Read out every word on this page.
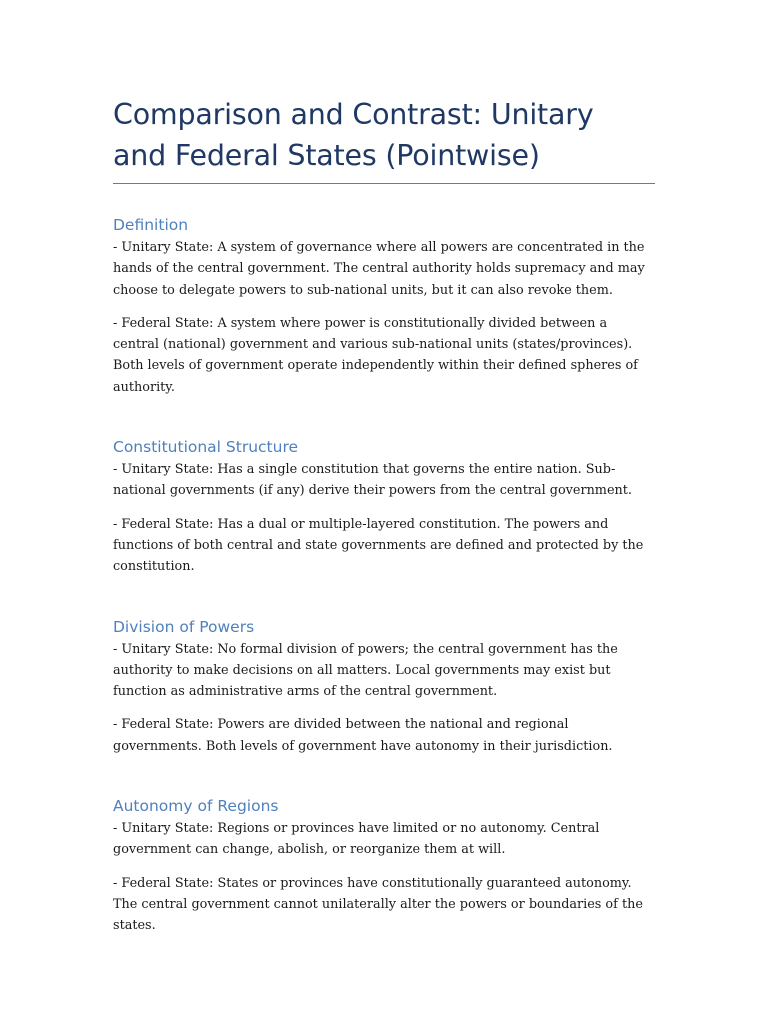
Comparison and Contrast: Unitary and Federal States (Pointwise)
Definition

- Unitary State: A system of governance where all powers are concentrated in the hands of the central government. The central authority holds supremacy and may choose to delegate powers to sub-national units, but it can also revoke them.

- Federal State: A system where power is constitutionally divided between a central (national) government and various sub-national units (states/provinces). Both levels of government operate independently within their defined spheres of authority.

Constitutional Structure

- Unitary State: Has a single constitution that governs the entire nation. Sub-national governments (if any) derive their powers from the central government.

- Federal State: Has a dual or multiple-layered constitution. The powers and functions of both central and state governments are defined and protected by the constitution.

Division of Powers

- Unitary State: No formal division of powers; the central government has the authority to make decisions on all matters. Local governments may exist but function as administrative arms of the central government.

- Federal State: Powers are divided between the national and regional governments. Both levels of government have autonomy in their jurisdiction.

Autonomy of Regions

- Unitary State: Regions or provinces have limited or no autonomy. Central government can change, abolish, or reorganize them at will.

- Federal State: States or provinces have constitutionally guaranteed autonomy. The central government cannot unilaterally alter the powers or boundaries of the states.
